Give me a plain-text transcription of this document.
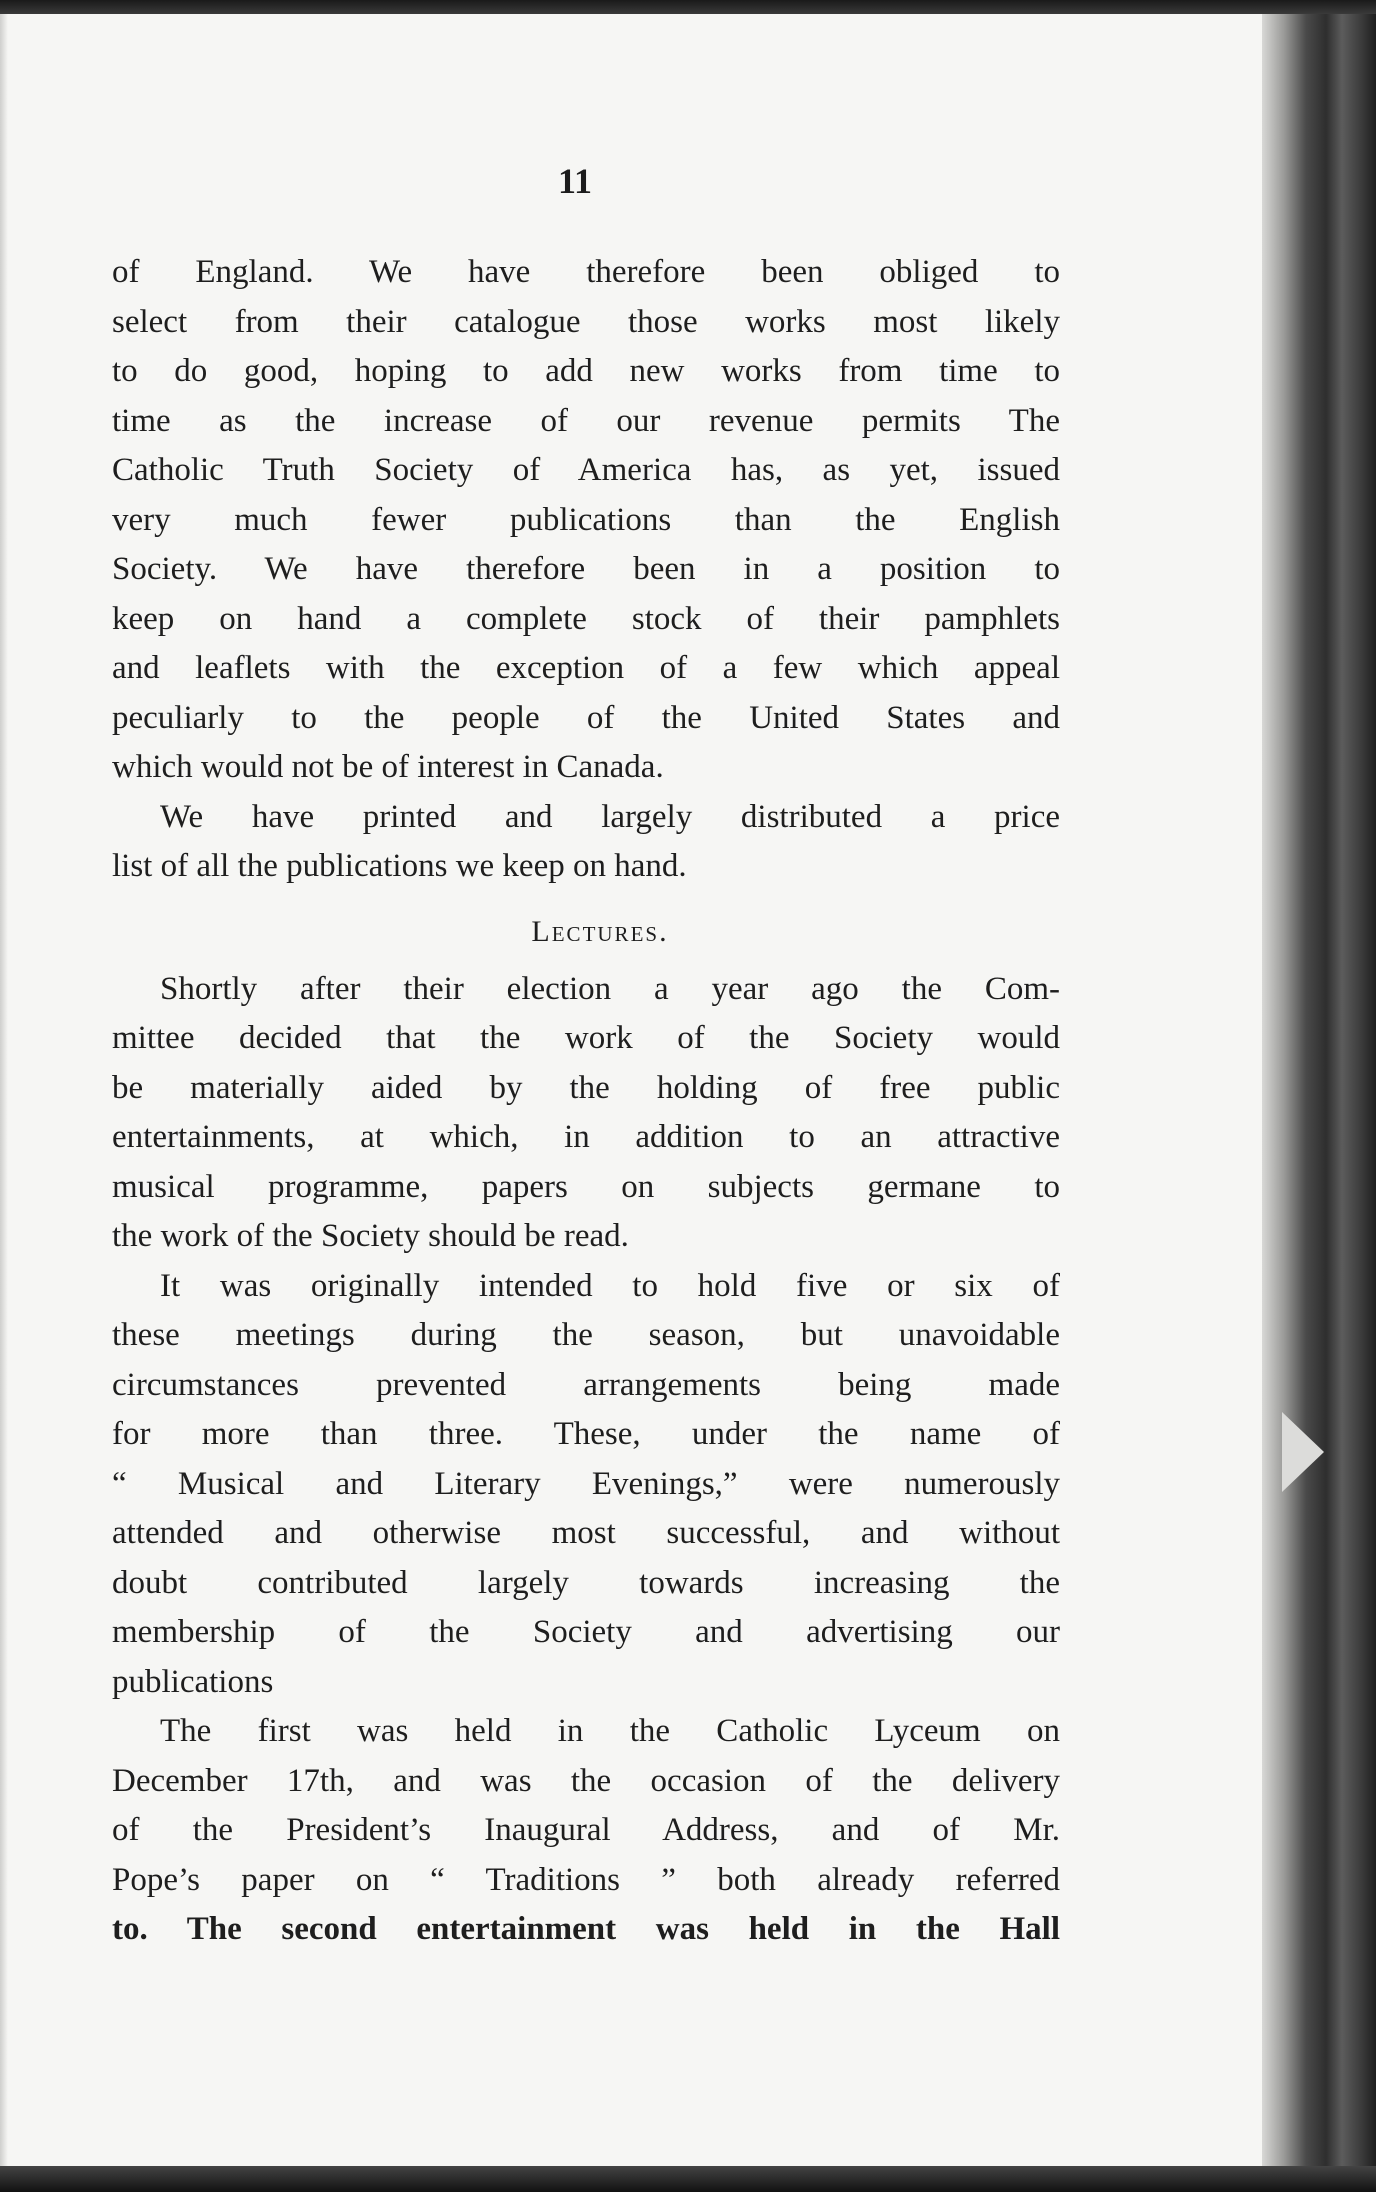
11
of England. We have therefore been obliged to
select from their catalogue those works most likely
to do good, hoping to add new works from time to
time as the increase of our revenue permits The
Catholic Truth Society of America has, as yet, issued
very much fewer publications than the English
Society. We have therefore been in a position to
keep on hand a complete stock of their pamphlets
and leaflets with the exception of a few which appeal
peculiarly to the people of the United States and
which would not be of interest in Canada.
We have printed and largely distributed a price
list of all the publications we keep on hand.
Lectures.
Shortly after their election a year ago the Com-
mittee decided that the work of the Society would
be materially aided by the holding of free public
entertainments, at which, in addition to an attractive
musical programme, papers on subjects germane to
the work of the Society should be read.
It was originally intended to hold five or six of
these meetings during the season, but unavoidable
circumstances prevented arrangements being made
for more than three. These, under the name of
“ Musical and Literary Evenings,” were numerously
attended and otherwise most successful, and without
doubt contributed largely towards increasing the
membership of the Society and advertising our
publications
The first was held in the Catholic Lyceum on
December 17th, and was the occasion of the delivery
of the President’s Inaugural Address, and of Mr.
Pope’s paper on “ Traditions ” both already referred
to. The second entertainment was held in the Hall
